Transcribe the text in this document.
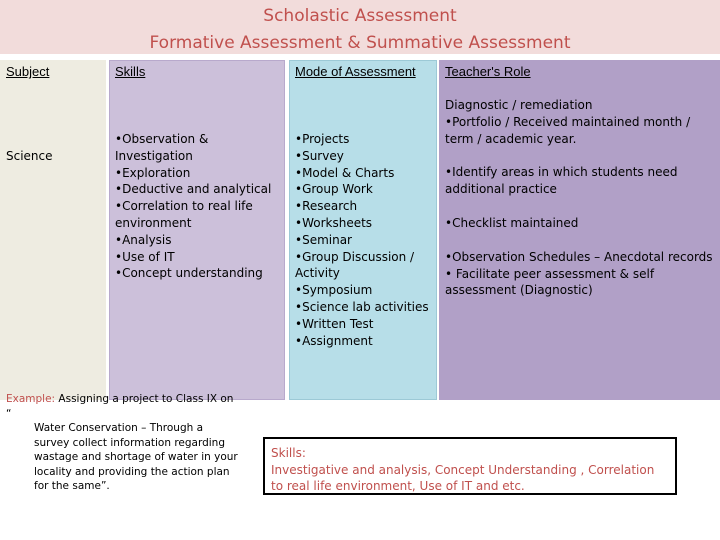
Scholastic Assessment
Formative Assessment & Summative Assessment
Subject	Skills	Mode of Assessment Teacher's Role
Science
•Observation & Investigation
•Exploration
•Deductive and analytical
•Correlation to real life environment
•Analysis
•Use of IT
•Concept understanding
•Projects
•Survey
•Model & Charts
•Group Work
•Research
•Worksheets
•Seminar
•Group Discussion / Activity
•Symposium
•Science lab activities
•Written Test
•Assignment

Diagnostic / remediation

•Portfolio / Received maintained month / term / academic year.

•Identify areas in which students need additional practice

•Checklist maintained

•Observation Schedules – Anecdotal records

• Facilitate peer assessment & self assessment (Diagnostic)

Example: Assigning a project to Class IX on “
Water Conservation – Through a
survey collect information regarding
wastage and shortage of water in your
locality and providing the action plan
for the same”.
Skills:
Investigative and analysis, Concept Understanding , Correlation to real life environment, Use of IT and etc.
